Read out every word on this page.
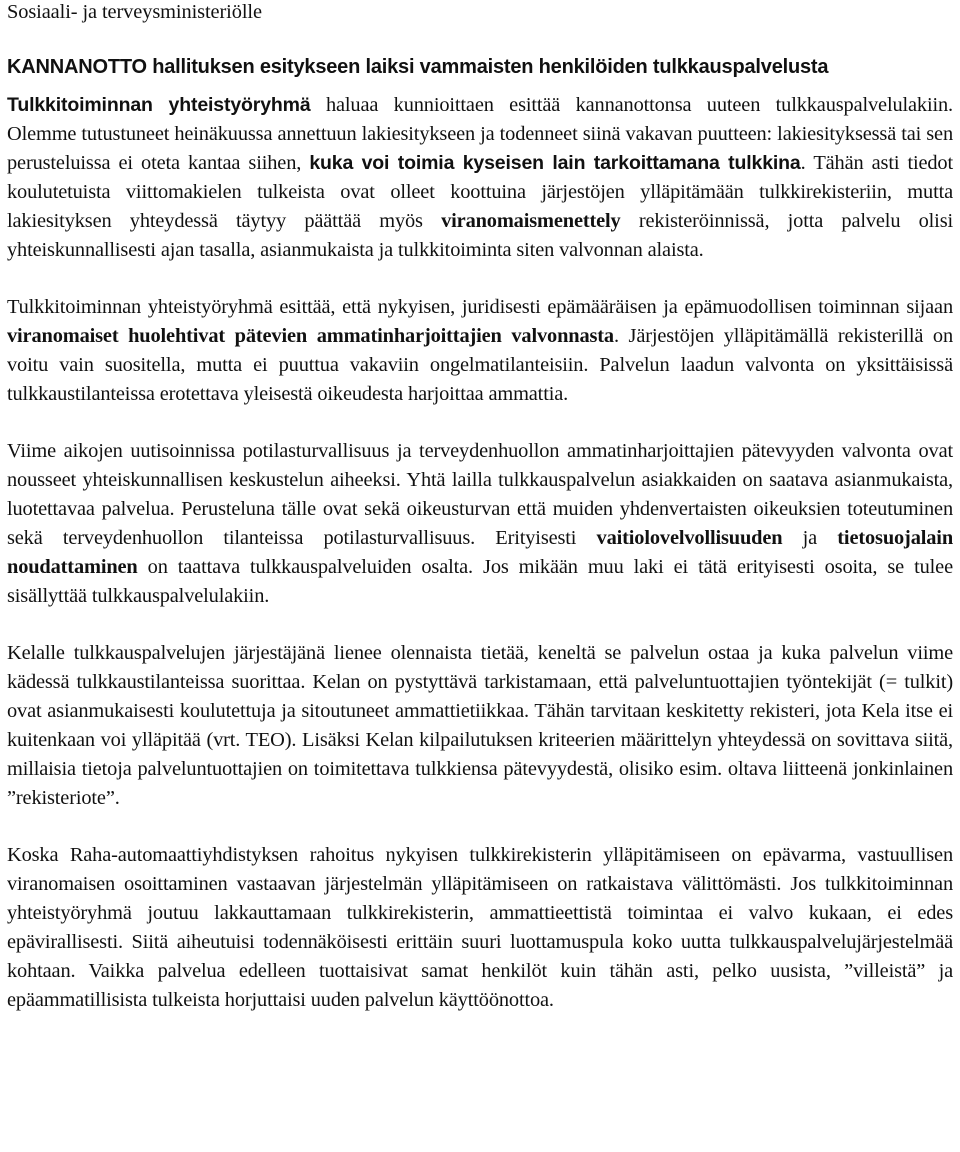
Sosiaali- ja terveysministeriölle

KANNANOTTO hallituksen esitykseen laiksi vammaisten henkilöiden tulkkauspalvelusta

Tulkkitoiminnan yhteistyöryhmä haluaa kunnioittaen esittää kannanottonsa uuteen tulkkauspalvelulakiin. Olemme tutustuneet heinäkuussa annettuun lakiesitykseen ja todenneet siinä vakavan puutteen: lakiesityksessä tai sen perusteluissa ei oteta kantaa siihen, kuka voi toimia kyseisen lain tarkoittamana tulkkina. Tähän asti tiedot koulutetuista viittomakielen tulkeista ovat olleet koottuina järjestöjen ylläpitämään tulkkirekisteriin, mutta lakiesityksen yhteydessä täytyy päättää myös viranomaismenettely rekisteröinnissä, jotta palvelu olisi yhteiskunnallisesti ajan tasalla, asianmukaista ja tulkkitoiminta siten valvonnan alaista.

Tulkkitoiminnan yhteistyöryhmä esittää, että nykyisen, juridisesti epämääräisen ja epämuodollisen toiminnan sijaan viranomaiset huolehtivat pätevien ammatinharjoittajien valvonnasta. Järjestöjen ylläpitämällä rekisterillä on voitu vain suositella, mutta ei puuttua vakaviin ongelmatilanteisiin. Palvelun laadun valvonta on yksittäisissä tulkkaustilanteissa erotettava yleisestä oikeudesta harjoittaa ammattia.

Viime aikojen uutisoinnissa potilasturvallisuus ja terveydenhuollon ammatinharjoittajien pätevyyden valvonta ovat nousseet yhteiskunnallisen keskustelun aiheeksi. Yhtä lailla tulkkauspalvelun asiakkaiden on saatava asianmukaista, luotettavaa palvelua. Perusteluna tälle ovat sekä oikeusturvan että muiden yhdenvertaisten oikeuksien toteutuminen sekä terveydenhuollon tilanteissa potilasturvallisuus. Erityisesti vaitiolovelvollisuuden ja tietosuojalain noudattaminen on taattava tulkkauspalveluiden osalta. Jos mikään muu laki ei tätä erityisesti osoita, se tulee sisällyttää tulkkauspalvelulakiin.

Kelalle tulkkauspalvelujen järjestäjänä lienee olennaista tietää, keneltä se palvelun ostaa ja kuka palvelun viime kädessä tulkkaustilanteissa suorittaa. Kelan on pystyttävä tarkistamaan, että palveluntuottajien työntekijät (= tulkit) ovat asianmukaisesti koulutettuja ja sitoutuneet ammattietiikkaa. Tähän tarvitaan keskitetty rekisteri, jota Kela itse ei kuitenkaan voi ylläpitää (vrt. TEO). Lisäksi Kelan kilpailutuksen kriteerien määrittelyn yhteydessä on sovittava siitä, millaisia tietoja palveluntuottajien on toimitettava tulkkiensa pätevyydestä, olisiko esim. oltava liitteenä jonkinlainen ”rekisteriote”.

Koska Raha-automaattiyhdistyksen rahoitus nykyisen tulkkirekisterin ylläpitämiseen on epävarma, vastuullisen viranomaisen osoittaminen vastaavan järjestelmän ylläpitämiseen on ratkaistava välittömästi. Jos tulkkitoiminnan yhteistyöryhmä joutuu lakkauttamaan tulkkirekisterin, ammattieettistä toimintaa ei valvo kukaan, ei edes epävirallisesti. Siitä aiheutuisi todennäköisesti erittäin suuri luottamuspula koko uutta tulkkauspalvelujärjestelmää kohtaan. Vaikka palvelua edelleen tuottaisivat samat henkilöt kuin tähän asti, pelko uusista, ”villeistä” ja epäammatillisista tulkeista horjuttaisi uuden palvelun käyttöönottoa.
